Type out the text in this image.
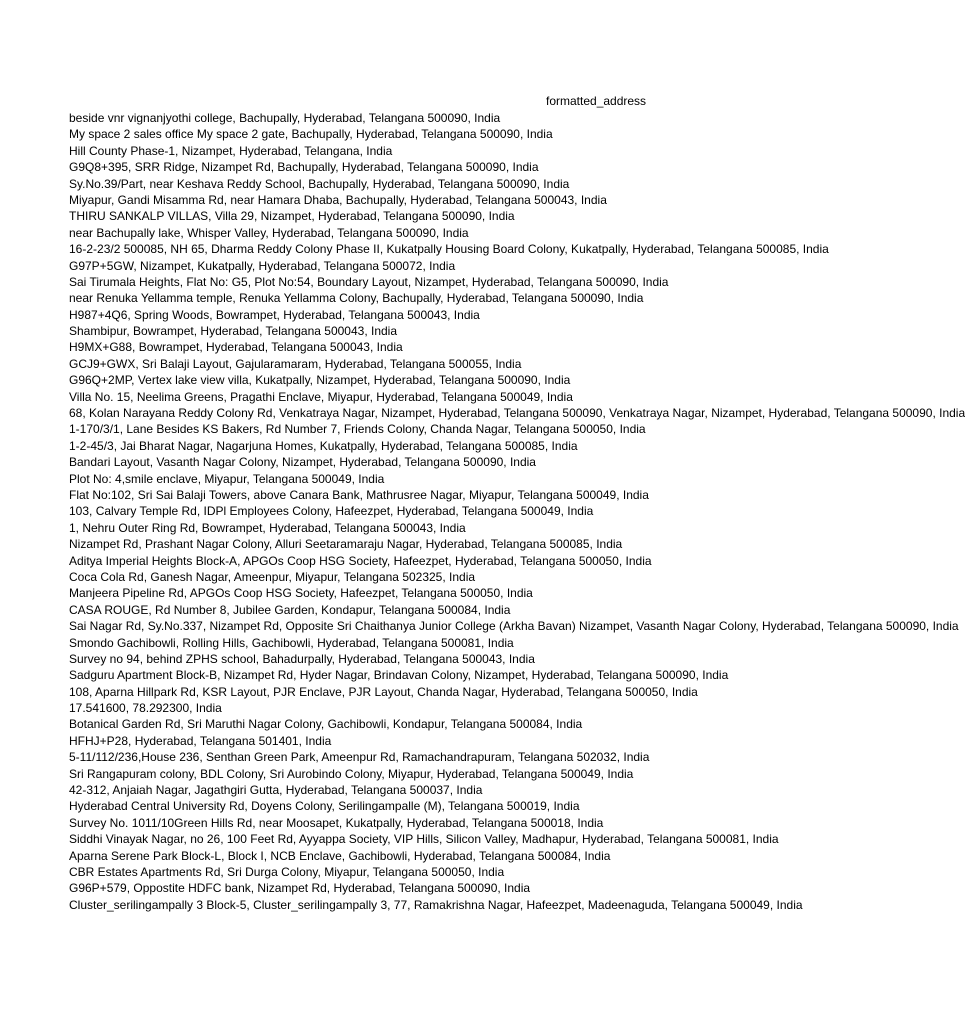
formatted_address
beside vnr vignanjyothi college, Bachupally, Hyderabad, Telangana 500090, India
My space 2 sales office My space 2 gate, Bachupally, Hyderabad, Telangana 500090, India
Hill County Phase-1, Nizampet, Hyderabad, Telangana, India
G9Q8+395, SRR Ridge, Nizampet Rd, Bachupally, Hyderabad, Telangana 500090, India
Sy.No.39/Part, near Keshava Reddy School, Bachupally, Hyderabad, Telangana 500090, India
Miyapur, Gandi Misamma Rd, near Hamara Dhaba, Bachupally, Hyderabad, Telangana 500043, India
THIRU SANKALP VILLAS, Villa 29, Nizampet, Hyderabad, Telangana 500090, India
near Bachupally lake, Whisper Valley, Hyderabad, Telangana 500090, India
16-2-23/2 500085, NH 65, Dharma Reddy Colony Phase II, Kukatpally Housing Board Colony, Kukatpally, Hyderabad, Telangana 500085, India
G97P+5GW, Nizampet, Kukatpally, Hyderabad, Telangana 500072, India
Sai Tirumala Heights, Flat No: G5, Plot No:54, Boundary Layout, Nizampet, Hyderabad, Telangana 500090, India
near Renuka Yellamma temple, Renuka Yellamma Colony, Bachupally, Hyderabad, Telangana 500090, India
H987+4Q6, Spring Woods, Bowrampet, Hyderabad, Telangana 500043, India
Shambipur, Bowrampet, Hyderabad, Telangana 500043, India
H9MX+G88, Bowrampet, Hyderabad, Telangana 500043, India
GCJ9+GWX, Sri Balaji Layout, Gajularamaram, Hyderabad, Telangana 500055, India
G96Q+2MP, Vertex lake view villa, Kukatpally, Nizampet, Hyderabad, Telangana 500090, India
Villa No. 15, Neelima Greens, Pragathi Enclave, Miyapur, Hyderabad, Telangana 500049, India
68, Kolan Narayana Reddy Colony Rd, Venkatraya Nagar, Nizampet, Hyderabad, Telangana 500090, Venkatraya Nagar, Nizampet, Hyderabad, Telangana 500090, India
1-170/3/1, Lane Besides KS Bakers, Rd Number 7, Friends Colony, Chanda Nagar, Telangana 500050, India
1-2-45/3, Jai Bharat Nagar, Nagarjuna Homes, Kukatpally, Hyderabad, Telangana 500085, India
Bandari Layout, Vasanth Nagar Colony, Nizampet, Hyderabad, Telangana 500090, India
Plot No: 4,smile enclave, Miyapur, Telangana 500049, India
Flat No:102, Sri Sai Balaji Towers, above Canara Bank, Mathrusree Nagar, Miyapur, Telangana 500049, India
103, Calvary Temple Rd, IDPl Employees Colony, Hafeezpet, Hyderabad, Telangana 500049, India
1, Nehru Outer Ring Rd, Bowrampet, Hyderabad, Telangana 500043, India
Nizampet Rd, Prashant Nagar Colony, Alluri Seetaramaraju Nagar, Hyderabad, Telangana 500085, India
Aditya Imperial Heights Block-A, APGOs Coop HSG Society, Hafeezpet, Hyderabad, Telangana 500050, India
Coca Cola Rd, Ganesh Nagar, Ameenpur, Miyapur, Telangana 502325, India
Manjeera Pipeline Rd, APGOs Coop HSG Society, Hafeezpet, Telangana 500050, India
CASA ROUGE, Rd Number 8, Jubilee Garden, Kondapur, Telangana 500084, India
Sai Nagar Rd, Sy.No.337, Nizampet Rd, Opposite Sri Chaithanya Junior College (Arkha Bavan) Nizampet, Vasanth Nagar Colony, Hyderabad, Telangana 500090, India
Smondo Gachibowli, Rolling Hills, Gachibowli, Hyderabad, Telangana 500081, India
Survey no 94, behind ZPHS school, Bahadurpally, Hyderabad, Telangana 500043, India
Sadguru Apartment Block-B, Nizampet Rd, Hyder Nagar, Brindavan Colony, Nizampet, Hyderabad, Telangana 500090, India
108, Aparna Hillpark Rd, KSR Layout, PJR Enclave, PJR Layout, Chanda Nagar, Hyderabad, Telangana 500050, India
17.541600, 78.292300, India
Botanical Garden Rd, Sri Maruthi Nagar Colony, Gachibowli, Kondapur, Telangana 500084, India
HFHJ+P28, Hyderabad, Telangana 501401, India
5-11/112/236,House 236, Senthan Green Park, Ameenpur Rd, Ramachandrapuram, Telangana 502032, India
Sri Rangapuram colony, BDL Colony, Sri Aurobindo Colony, Miyapur, Hyderabad, Telangana 500049, India
42-312, Anjaiah Nagar, Jagathgiri Gutta, Hyderabad, Telangana 500037, India
Hyderabad Central University Rd, Doyens Colony, Serilingampalle (M), Telangana 500019, India
Survey No. 1011/10Green Hills Rd, near Moosapet, Kukatpally, Hyderabad, Telangana 500018, India
Siddhi Vinayak Nagar, no 26, 100 Feet Rd, Ayyappa Society, VIP Hills, Silicon Valley, Madhapur, Hyderabad, Telangana 500081, India
Aparna Serene Park Block-L, Block I, NCB Enclave, Gachibowli, Hyderabad, Telangana 500084, India
CBR Estates Apartments Rd, Sri Durga Colony, Miyapur, Telangana 500050, India
G96P+579, Oppostite HDFC bank, Nizampet Rd, Hyderabad, Telangana 500090, India
Cluster_serilingampally 3 Block-5, Cluster_serilingampally 3, 77, Ramakrishna Nagar, Hafeezpet, Madeenaguda, Telangana 500049, India
